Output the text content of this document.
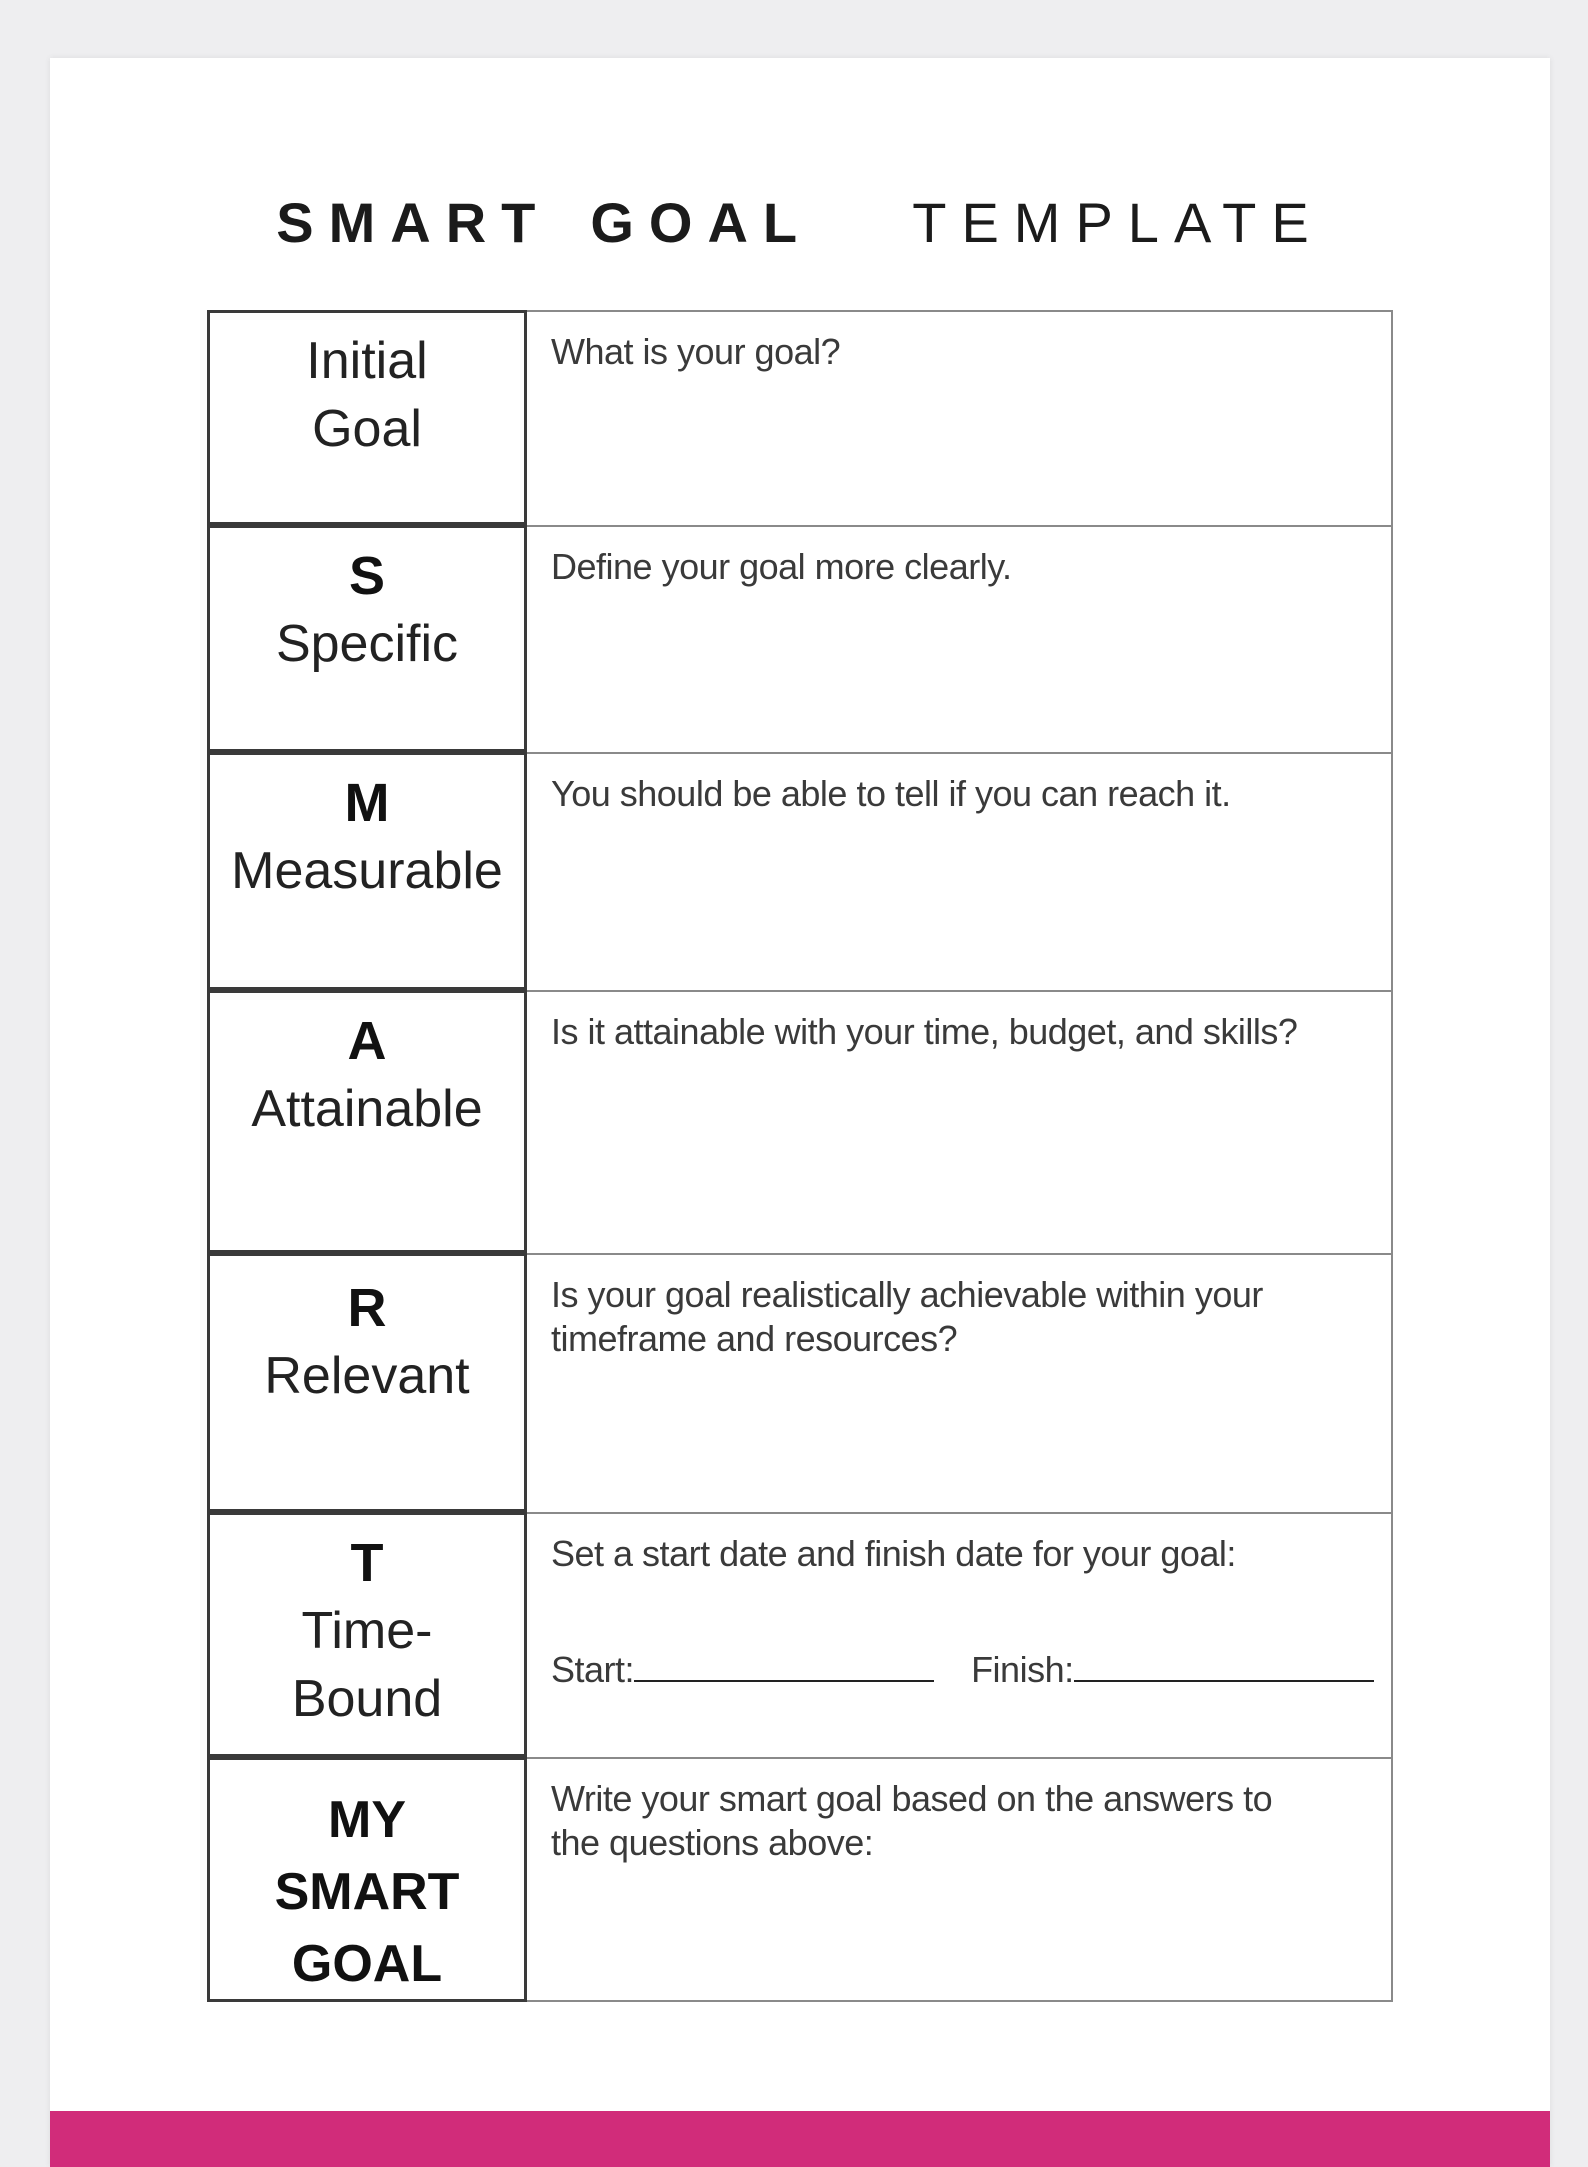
SMART GOAL TEMPLATE
Initial
Goal
What is your goal?
S
Specific
Define your goal more clearly.
M
Measurable
You should be able to tell if you can reach it.
A
Attainable
Is it attainable with your time, budget, and skills?
R
Relevant
Is your goal realistically achievable within your
timeframe and resources?
T
Time-
Bound
Set a start date and finish date for your goal:
Start:	Finish:
MY
SMART
GOAL
Write your smart goal based on the answers to
the questions above:
